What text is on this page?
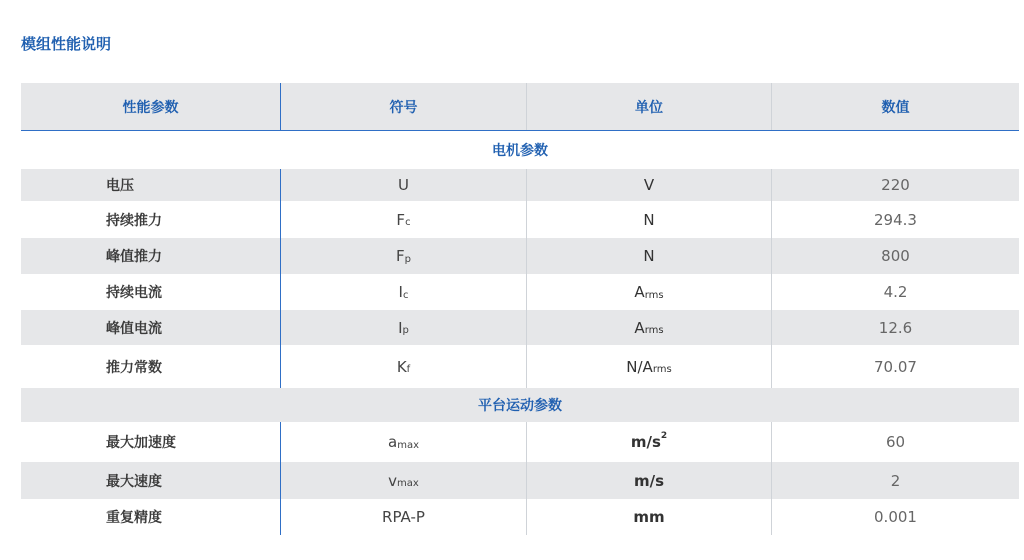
模组性能说明
性能参数	符号	单位	数值
电机参数
电压	U	V	220
持续推力	F c	N	294.3
峰值推力	F p	N	800
持续电流	I c	A rms	4.2
峰值电流	I p	A rms	12.6
推力常数	K f	N/A rms	70.07
平台运动参数
最大加速度	a max	m/s 2	60
最大速度	v max	m/s	2
重复精度	RPA-P	mm	0.001
